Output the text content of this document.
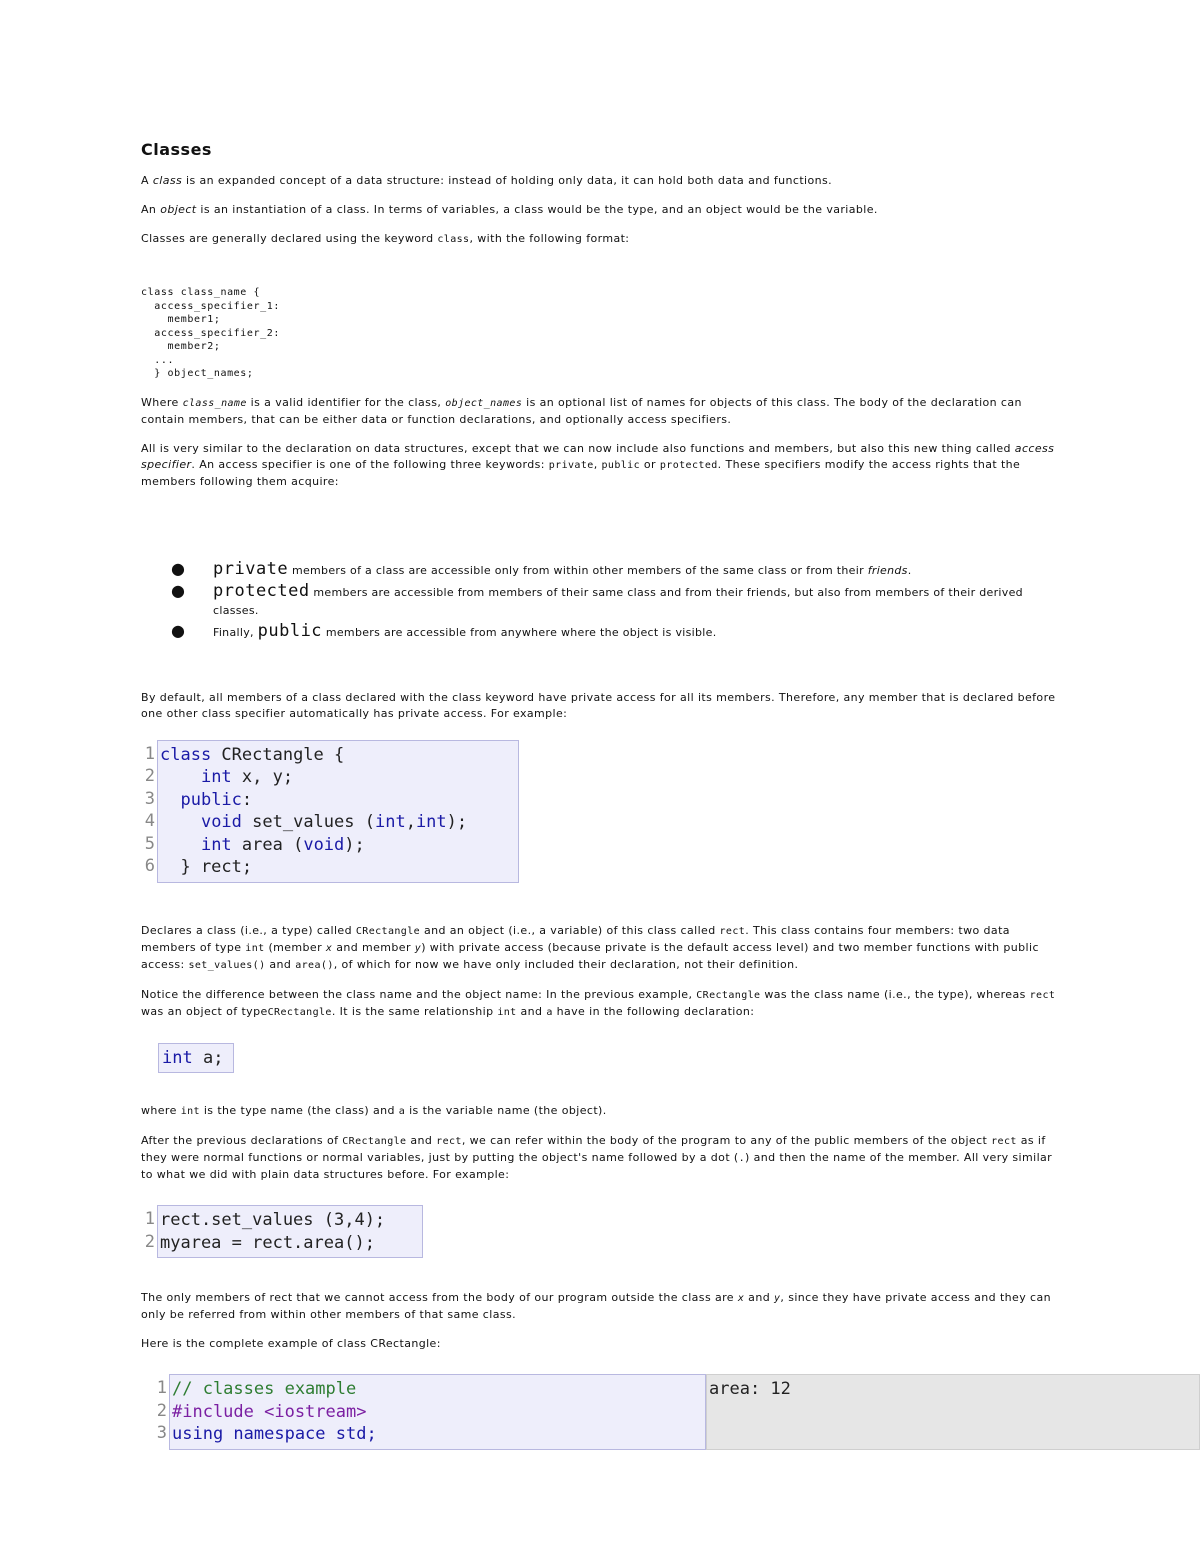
Classes

A class is an expanded concept of a data structure: instead of holding only data, it can hold both data and functions.

An object is an instantiation of a class. In terms of variables, a class would be the type, and an object would be the variable.

Classes are generally declared using the keyword class, with the following format:

class class_name {
access_specifier_1:
member1;
access_specifier_2:
member2;
...
} object_names;

Where class_name is a valid identifier for the class, object_names is an optional list of names for objects of this class. The body of the declaration can contain members, that can be either data or function declarations, and optionally access specifiers.

All is very similar to the declaration on data structures, except that we can now include also functions and members, but also this new thing called access specifier. An access specifier is one of the following three keywords: private, public or protected. These specifiers modify the access rights that the members following them acquire:

● private members of a class are accessible only from within other members of the same class or from their friends.
● protected members are accessible from members of their same class and from their friends, but also from members of their derived classes.
●	Finally, public members are accessible from anywhere where the object is visible.

By default, all members of a class declared with the class keyword have private access for all its members. Therefore, any member that is declared before one other class specifier automatically has private access. For example:

1
2
3
4
5
6
class CRectangle {
int x, y;
public:
void set_values (int,int);
int area (void);
} rect;

Declares a class (i.e., a type) called CRectangle and an object (i.e., a variable) of this class called rect. This class contains four members: two data members of type int (member x and member y) with private access (because private is the default access level) and two member functions with public access: set_values() and area(), of which for now we have only included their declaration, not their definition.

Notice the difference between the class name and the object name: In the previous example, CRectangle was the class name (i.e., the type), whereas rect was an object of typeCRectangle. It is the same relationship int and a have in the following declaration:

int a;

where int is the type name (the class) and a is the variable name (the object).

After the previous declarations of CRectangle and rect, we can refer within the body of the program to any of the public members of the object rect as if they were normal functions or normal variables, just by putting the object's name followed by a dot (.) and then the name of the member. All very similar to what we did with plain data structures before. For example:

1
2
rect.set_values (3,4);
myarea = rect.area();

The only members of rect that we cannot access from the body of our program outside the class are x and y, since they have private access and they can only be referred from within other members of that same class.

Here is the complete example of class CRectangle:

1
2
3
// classes example
#include <iostream>
using namespace std;
area: 12
